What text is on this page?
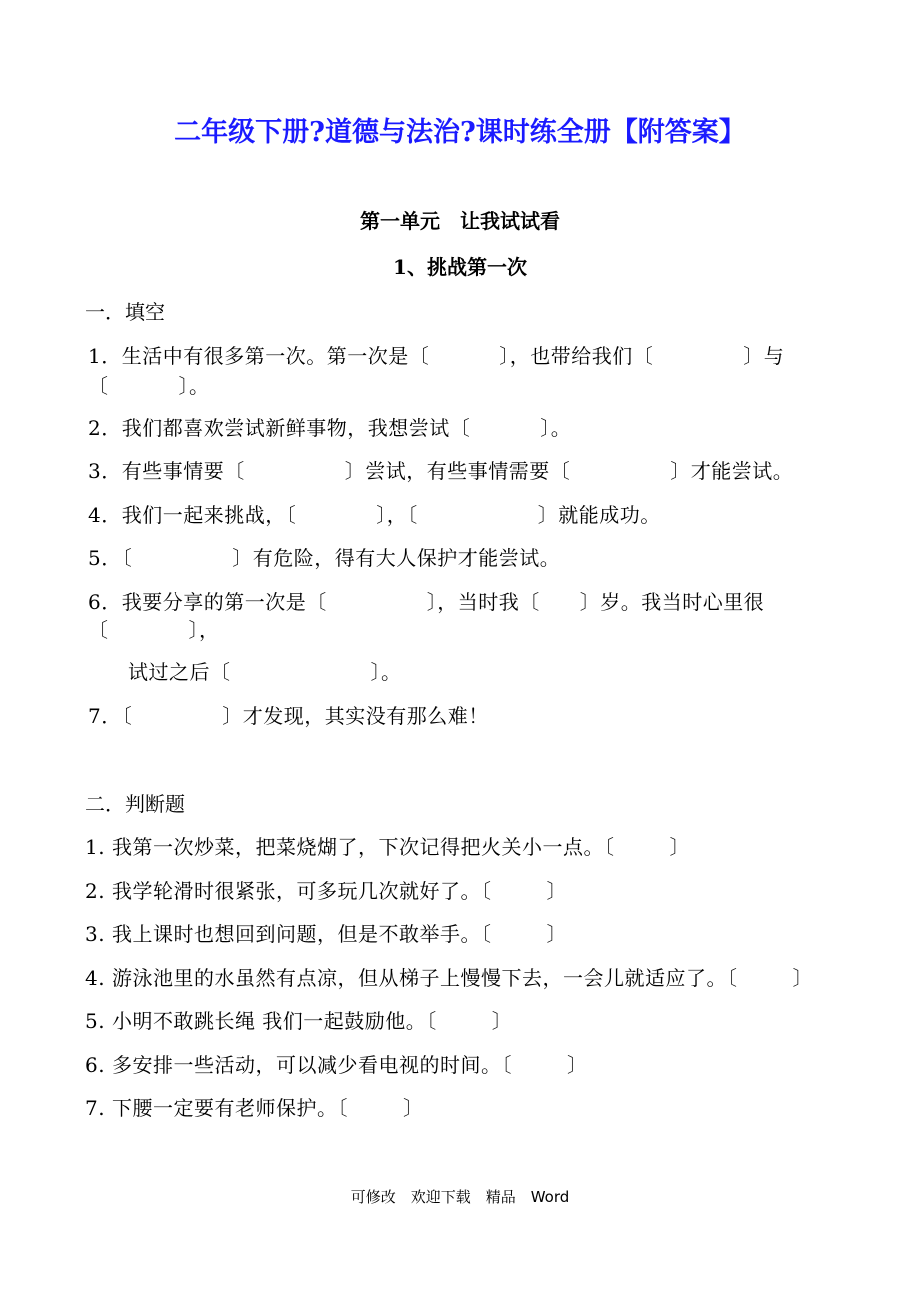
二年级下册?道德与法治?课时练全册【附答案】
第一单元　让我试试看
1、挑战第一次
一．填空
1．生活中有很多第一次。第一次是〔	〕，也带给我们〔	〕与
〔	〕。
2．我们都喜欢尝试新鲜事物，我想尝试〔	〕。
3．有些事情要〔	〕尝试，有些事情需要〔	〕才能尝试。
4．我们一起来挑战，〔	〕，〔	〕就能成功。
5．〔	〕有危险，得有大人保护才能尝试。
6．我要分享的第一次是〔	〕，当时我〔 〕岁。我当时心里很
〔	〕，
试过之后〔	〕。
7．〔	〕才发现，其实没有那么难！
二．判断题
1. 我第一次炒菜，把菜烧煳了，下次记得把火关小一点。〔	〕
2. 我学轮滑时很紧张，可多玩几次就好了。〔	〕
3. 我上课时也想回到问题，但是不敢举手。〔	〕
4. 游泳池里的水虽然有点凉，但从梯子上慢慢下去，一会儿就适应了。〔	〕
5. 小明不敢跳长绳 我们一起鼓励他。〔	〕
6. 多安排一些活动，可以减少看电视的时间。〔	〕
7. 下腰一定要有老师保护。〔	〕
可修改　欢迎下载　精品　Word
